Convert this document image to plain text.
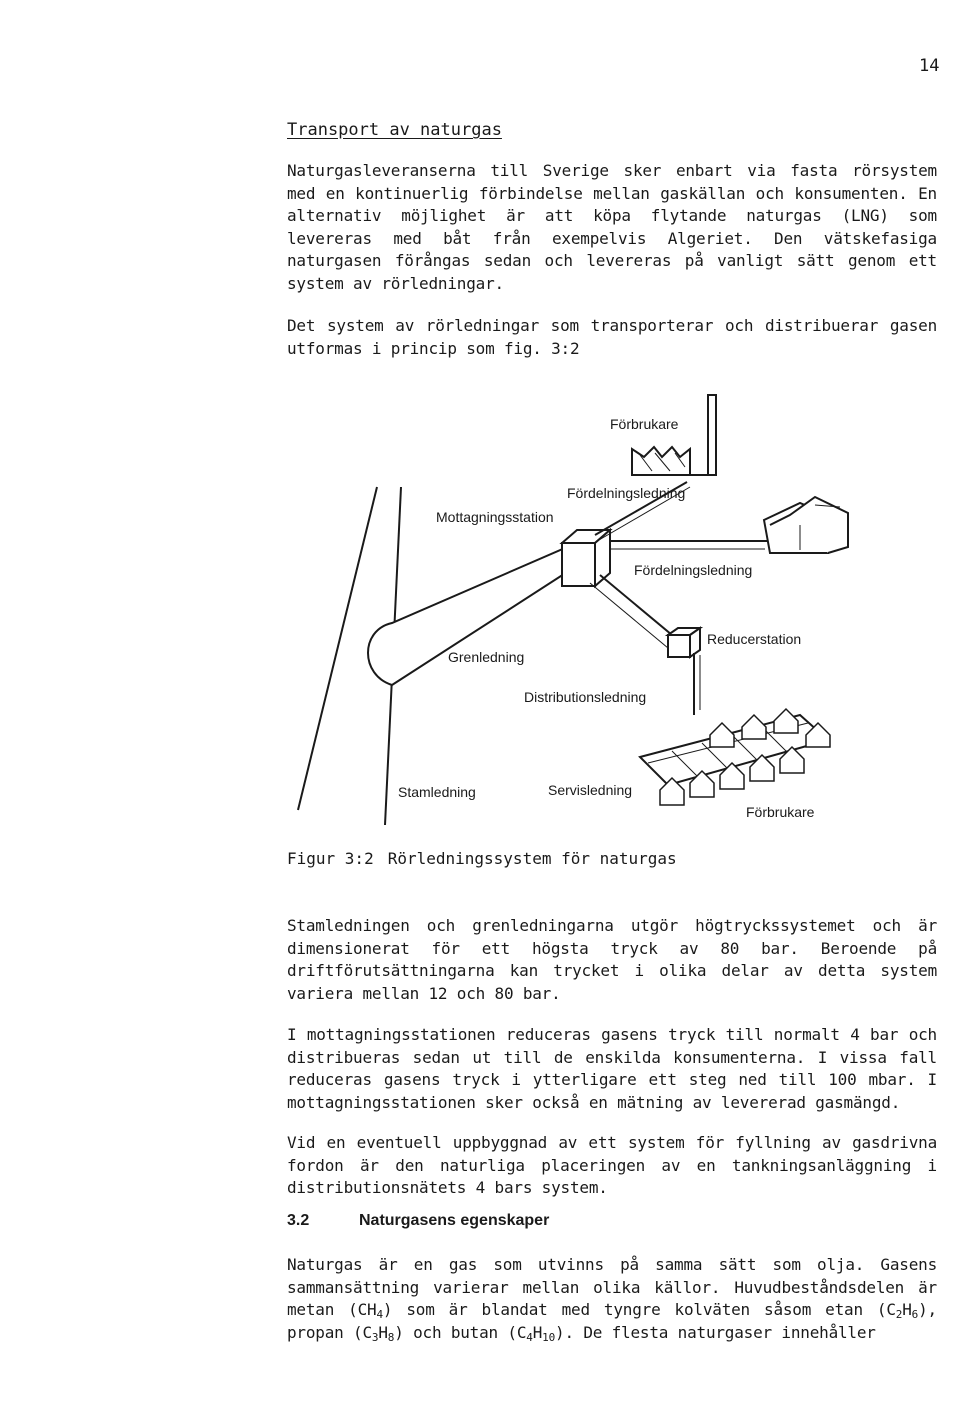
14
Transport av naturgas

Naturgasleveranserna till Sverige sker enbart via fasta rörsystem med en kontinuerlig förbindelse mellan gaskällan och konsumenten. En alternativ möjlighet är att köpa flytande naturgas (LNG) som levereras med båt från exempelvis Algeriet. Den vätskefasiga naturgasen förångas sedan och levereras på vanligt sätt genom ett system av rörledningar.

Det system av rörledningar som transporterar och distribuerar gasen utformas i princip som fig. 3:2

Förbrukare
Fördelningsledning
Mottagningsstation
Fördelningsledning
Grenledning
Reducerstation
Distributionsledning
Stamledning	Servisledning
Förbrukare
Figur 3:2 Rörledningssystem för naturgas

Stamledningen och grenledningarna utgör högtryckssystemet och är dimensionerat för ett högsta tryck av 80 bar. Beroende på driftförutsättningarna kan trycket i olika delar av detta system variera mellan 12 och 80 bar.

I mottagningsstationen reduceras gasens tryck till normalt 4 bar och distribueras sedan ut till de enskilda konsumenterna. I vissa fall reduceras gasens tryck i ytterligare ett steg ned till 100 mbar. I mottagningsstationen sker också en mätning av levererad gasmängd.

Vid en eventuell uppbyggnad av ett system för fyllning av gasdrivna fordon är den naturliga placeringen av en tankningsanläggning i distributionsnätets 4 bars system.

3.2	Naturgasens egenskaper

Naturgas är en gas som utvinns på samma sätt som olja. Gasens sammansättning varierar mellan olika källor. Huvudbeståndsdelen är metan $(CH_4)$ som är blandat med tyngre kolväten såsom etan $(C_2H_6)$, propan $(C_3H_8)$ och butan $(C_4H_{10})$. De flesta naturgaser innehåller
